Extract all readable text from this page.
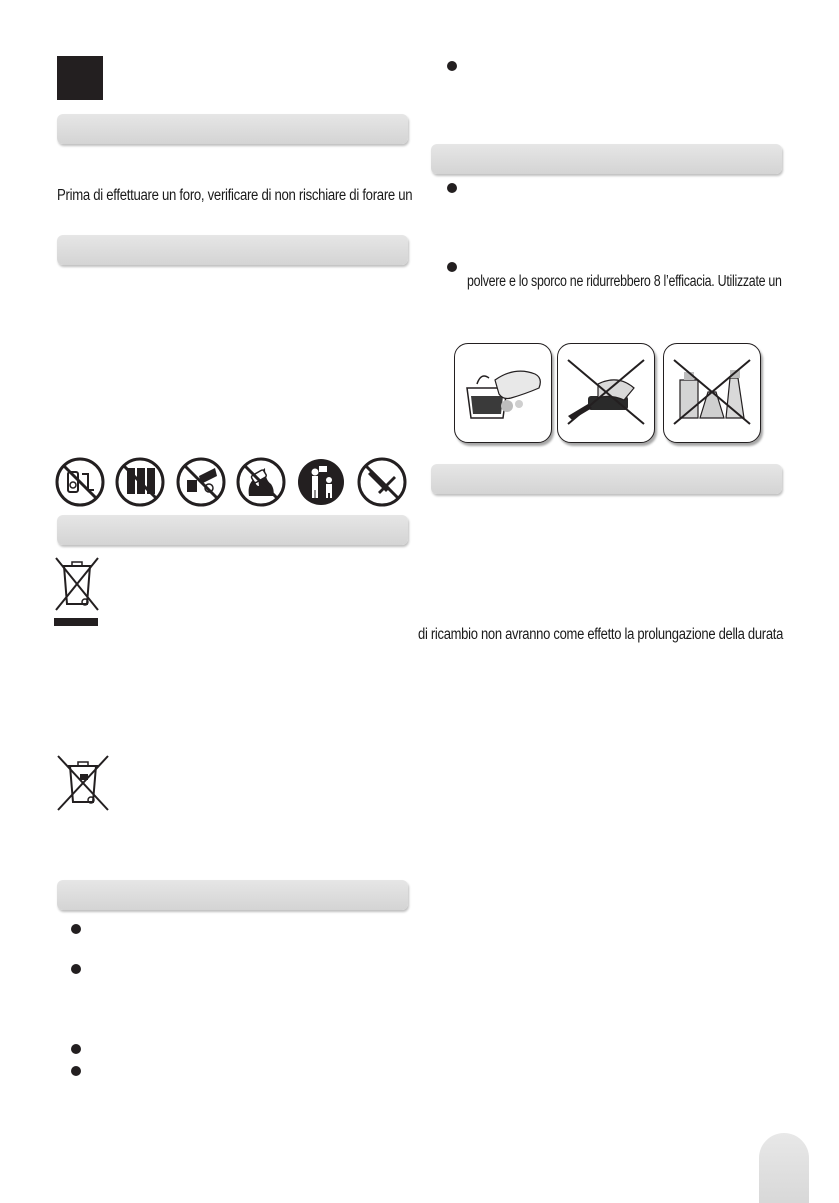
Prima di effettuare un foro, verificare di non rischiare di forare un
polvere e lo sporco ne ridurrebbero 8 l’efficacia. Utilizzate un
di ricambio non avranno come effetto la prolungazione della durata
